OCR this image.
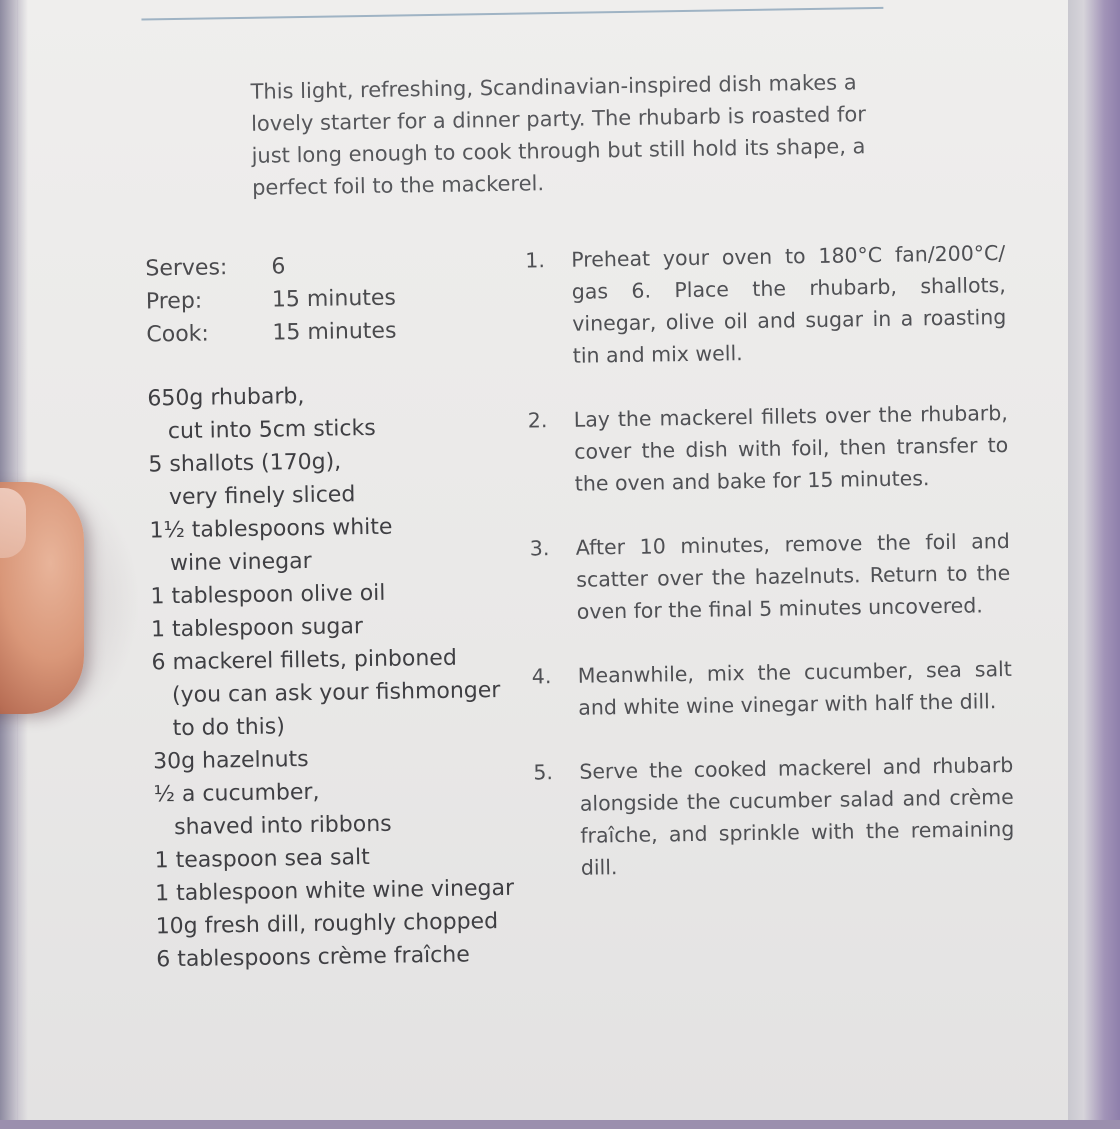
This light, refreshing, Scandinavian-inspired dish makes a lovely starter for a dinner party. The rhubarb is roasted for just long enough to cook through but still hold its shape, a perfect foil to the mackerel.

Serves:	6
Prep:	15 minutes
Cook:	15 minutes

650g rhubarb,
cut into 5cm sticks

5 shallots (170g),
very finely sliced

1½ tablespoons white
wine vinegar

1 tablespoon olive oil

1 tablespoon sugar

6 mackerel fillets, pinboned
(you can ask your fishmonger
to do this)

30g hazelnuts

½ a cucumber,
shaved into ribbons

1 teaspoon sea salt

1 tablespoon white wine vinegar

10g fresh dill, roughly chopped

6 tablespoons crème fraîche

1.	Preheat your oven to 180°C fan/200°C/ gas 6. Place the rhubarb, shallots, vinegar, olive oil and sugar in a roasting tin and mix well.
2.	Lay the mackerel fillets over the rhubarb, cover the dish with foil, then transfer to the oven and bake for 15 minutes.
3.	After 10 minutes, remove the foil and scatter over the hazelnuts. Return to the oven for the final 5 minutes uncovered.
4.	Meanwhile, mix the cucumber, sea salt and white wine vinegar with half the dill.
5.	Serve the cooked mackerel and rhubarb alongside the cucumber salad and crème fraîche, and sprinkle with the remaining dill.
